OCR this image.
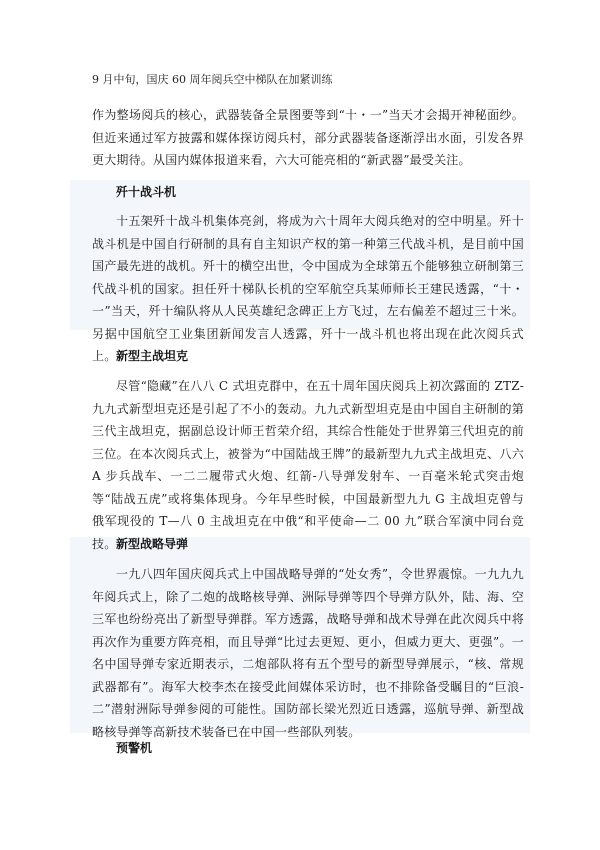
9 月中旬，国庆 60 周年阅兵空中梯队在加紧训练

作为整场阅兵的核心，武器装备全景图要等到“十・一”当天才会揭开神秘面纱。但近来通过军方披露和媒体探访阅兵村，部分武器装备逐渐浮出水面，引发各界更大期待。从国内媒体报道来看，六大可能亮相的“新武器”最受关注。

歼十战斗机

十五架歼十战斗机集体亮剑，将成为六十周年大阅兵绝对的空中明星。歼十战斗机是中国自行研制的具有自主知识产权的第一种第三代战斗机，是目前中国国产最先进的战机。歼十的横空出世，令中国成为全球第五个能够独立研制第三代战斗机的国家。担任歼十梯队长机的空军航空兵某师师长王建民透露，“十・一”当天，歼十编队将从人民英雄纪念碑正上方飞过，左右偏差不超过三十米。另据中国航空工业集团新闻发言人透露，歼十一战斗机也将出现在此次阅兵式上。 新型主战坦克

尽管“隐藏”在八八 C 式坦克群中，在五十周年国庆阅兵上初次露面的 ZTZ-九九式新型坦克还是引起了不小的轰动。九九式新型坦克是由中国自主研制的第三代主战坦克，据副总设计师王哲荣介绍，其综合性能处于世界第三代坦克的前三位。在本次阅兵式上，被誉为“中国陆战王牌”的最新型九九式主战坦克、八六 A 步兵战车、一二二履带式火炮、红箭-八导弹发射车、一百毫米轮式突击炮等“陆战五虎”或将集体现身。今年早些时候，中国最新型九九 G 主战坦克曾与俄军现役的 T—八 0 主战坦克在中俄“和平使命—二 00 九”联合军演中同台竞技。 新型战略导弹

一九八四年国庆阅兵式上中国战略导弹的“处女秀”，令世界震惊。一九九九年阅兵式上，除了二炮的战略核导弹、洲际导弹等四个导弹方队外，陆、海、空三军也纷纷亮出了新型导弹群。军方透露，战略导弹和战术导弹在此次阅兵中将再次作为重要方阵亮相，而且导弹“比过去更短、更小，但威力更大、更强”。一名中国导弹专家近期表示，二炮部队将有五个型号的新型导弹展示，“核、常规武器都有”。海军大校李杰在接受此间媒体采访时，也不排除备受瞩目的“巨浪-二”潜射洲际导弹参阅的可能性。国防部长梁光烈近日透露，巡航导弹、新型战略核导弹等高新技术装备已在中国一些部队列装。

预警机
